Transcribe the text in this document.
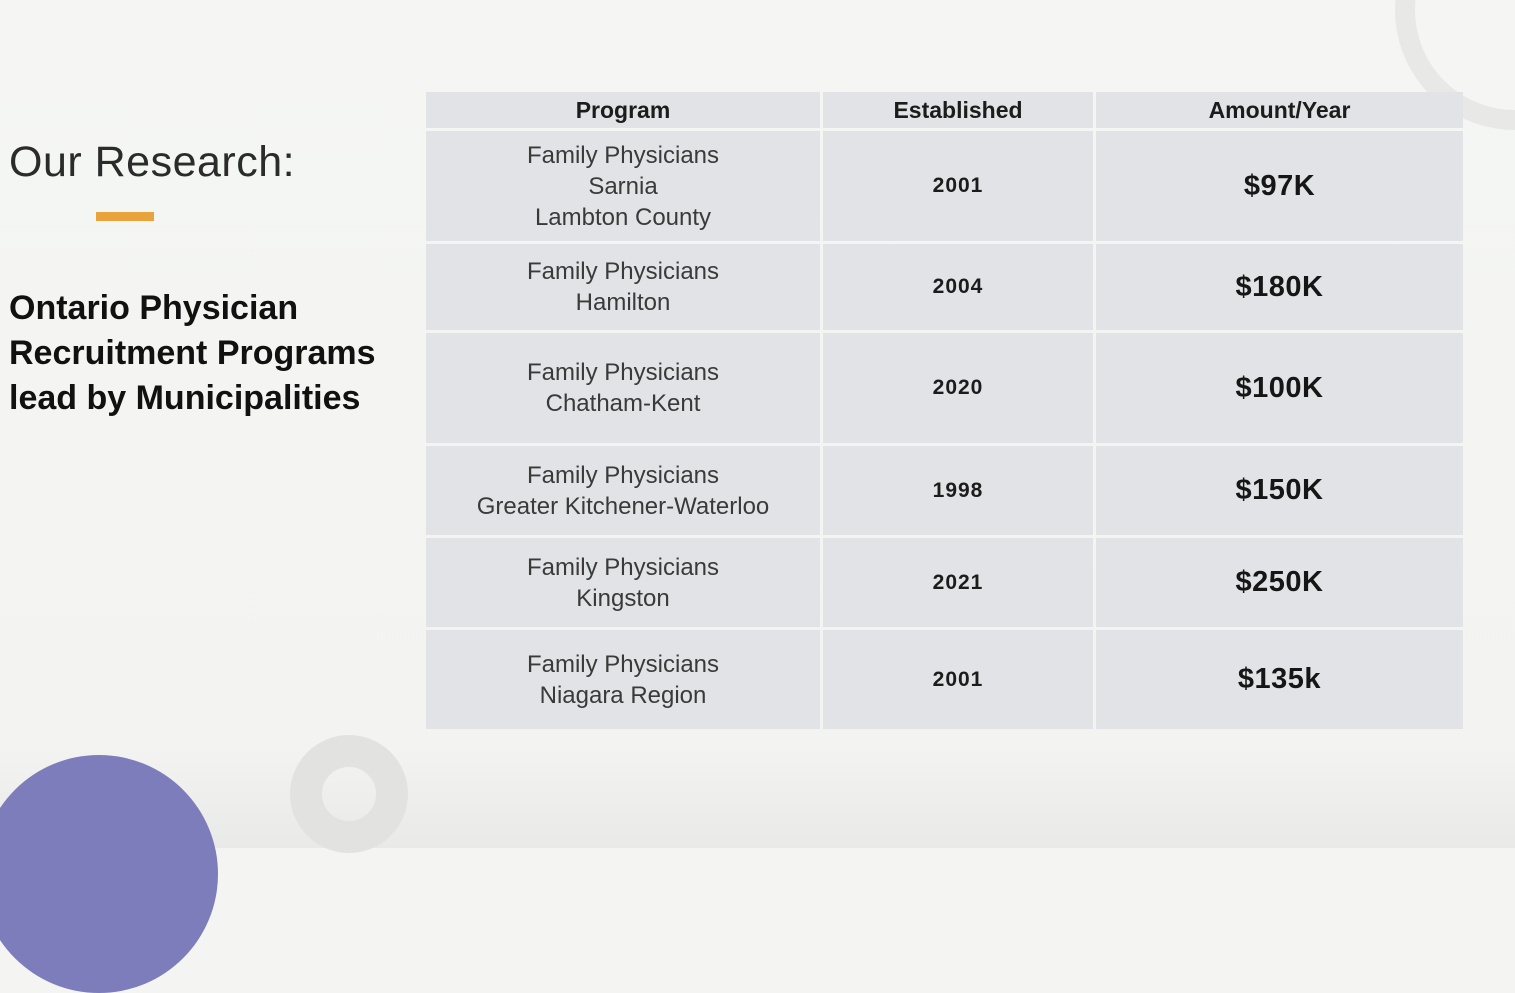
Our Research:
Ontario Physician
Recruitment Programs
lead by Municipalities
Program	Established	Amount/Year

Family Physicians
Sarnia
Lambton County	2001	$97K

Family Physicians
Hamilton	2004	$180K

Family Physicians
Chatham-Kent	2020	$100K

Family Physicians
Greater Kitchener-Waterloo	1998	$150K

Family Physicians
Kingston	2021	$250K

Family Physicians
Niagara Region	2001	$135k
